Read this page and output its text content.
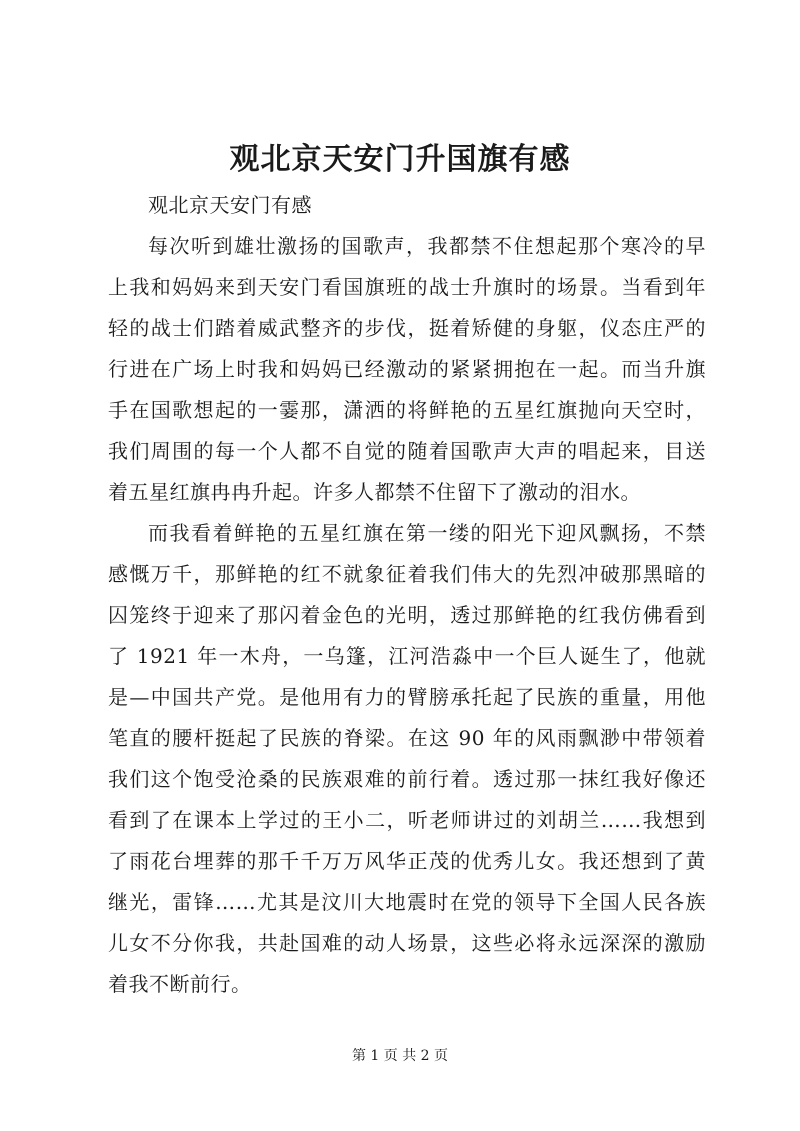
观北京天安门升国旗有感
观北京天安门有感
每次听到雄壮激扬的国歌声，我都禁不住想起那个寒冷的早
上我和妈妈来到天安门看国旗班的战士升旗时的场景。当看到年
轻的战士们踏着威武整齐的步伐，挺着矫健的身躯，仪态庄严的
行进在广场上时我和妈妈已经激动的紧紧拥抱在一起。而当升旗
手在国歌想起的一霎那，潇洒的将鲜艳的五星红旗抛向天空时，
我们周围的每一个人都不自觉的随着国歌声大声的唱起来，目送
着五星红旗冉冉升起。许多人都禁不住留下了激动的泪水。
而我看着鲜艳的五星红旗在第一缕的阳光下迎风飘扬，不禁
感慨万千，那鲜艳的红不就象征着我们伟大的先烈冲破那黑暗的
囚笼终于迎来了那闪着金色的光明，透过那鲜艳的红我仿佛看到
了 1921 年一木舟，一乌篷，江河浩淼中一个巨人诞生了，他就
是—中国共产党。是他用有力的臂膀承托起了民族的重量，用他
笔直的腰杆挺起了民族的脊梁。在这 90 年的风雨飘渺中带领着
我们这个饱受沧桑的民族艰难的前行着。透过那一抹红我好像还
看到了在课本上学过的王小二，听老师讲过的刘胡兰……我想到
了雨花台埋葬的那千千万万风华正茂的优秀儿女。我还想到了黄
继光，雷锋……尤其是汶川大地震时在党的领导下全国人民各族
儿女不分你我，共赴国难的动人场景，这些必将永远深深的激励
着我不断前行。
第 1 页 共 2 页
